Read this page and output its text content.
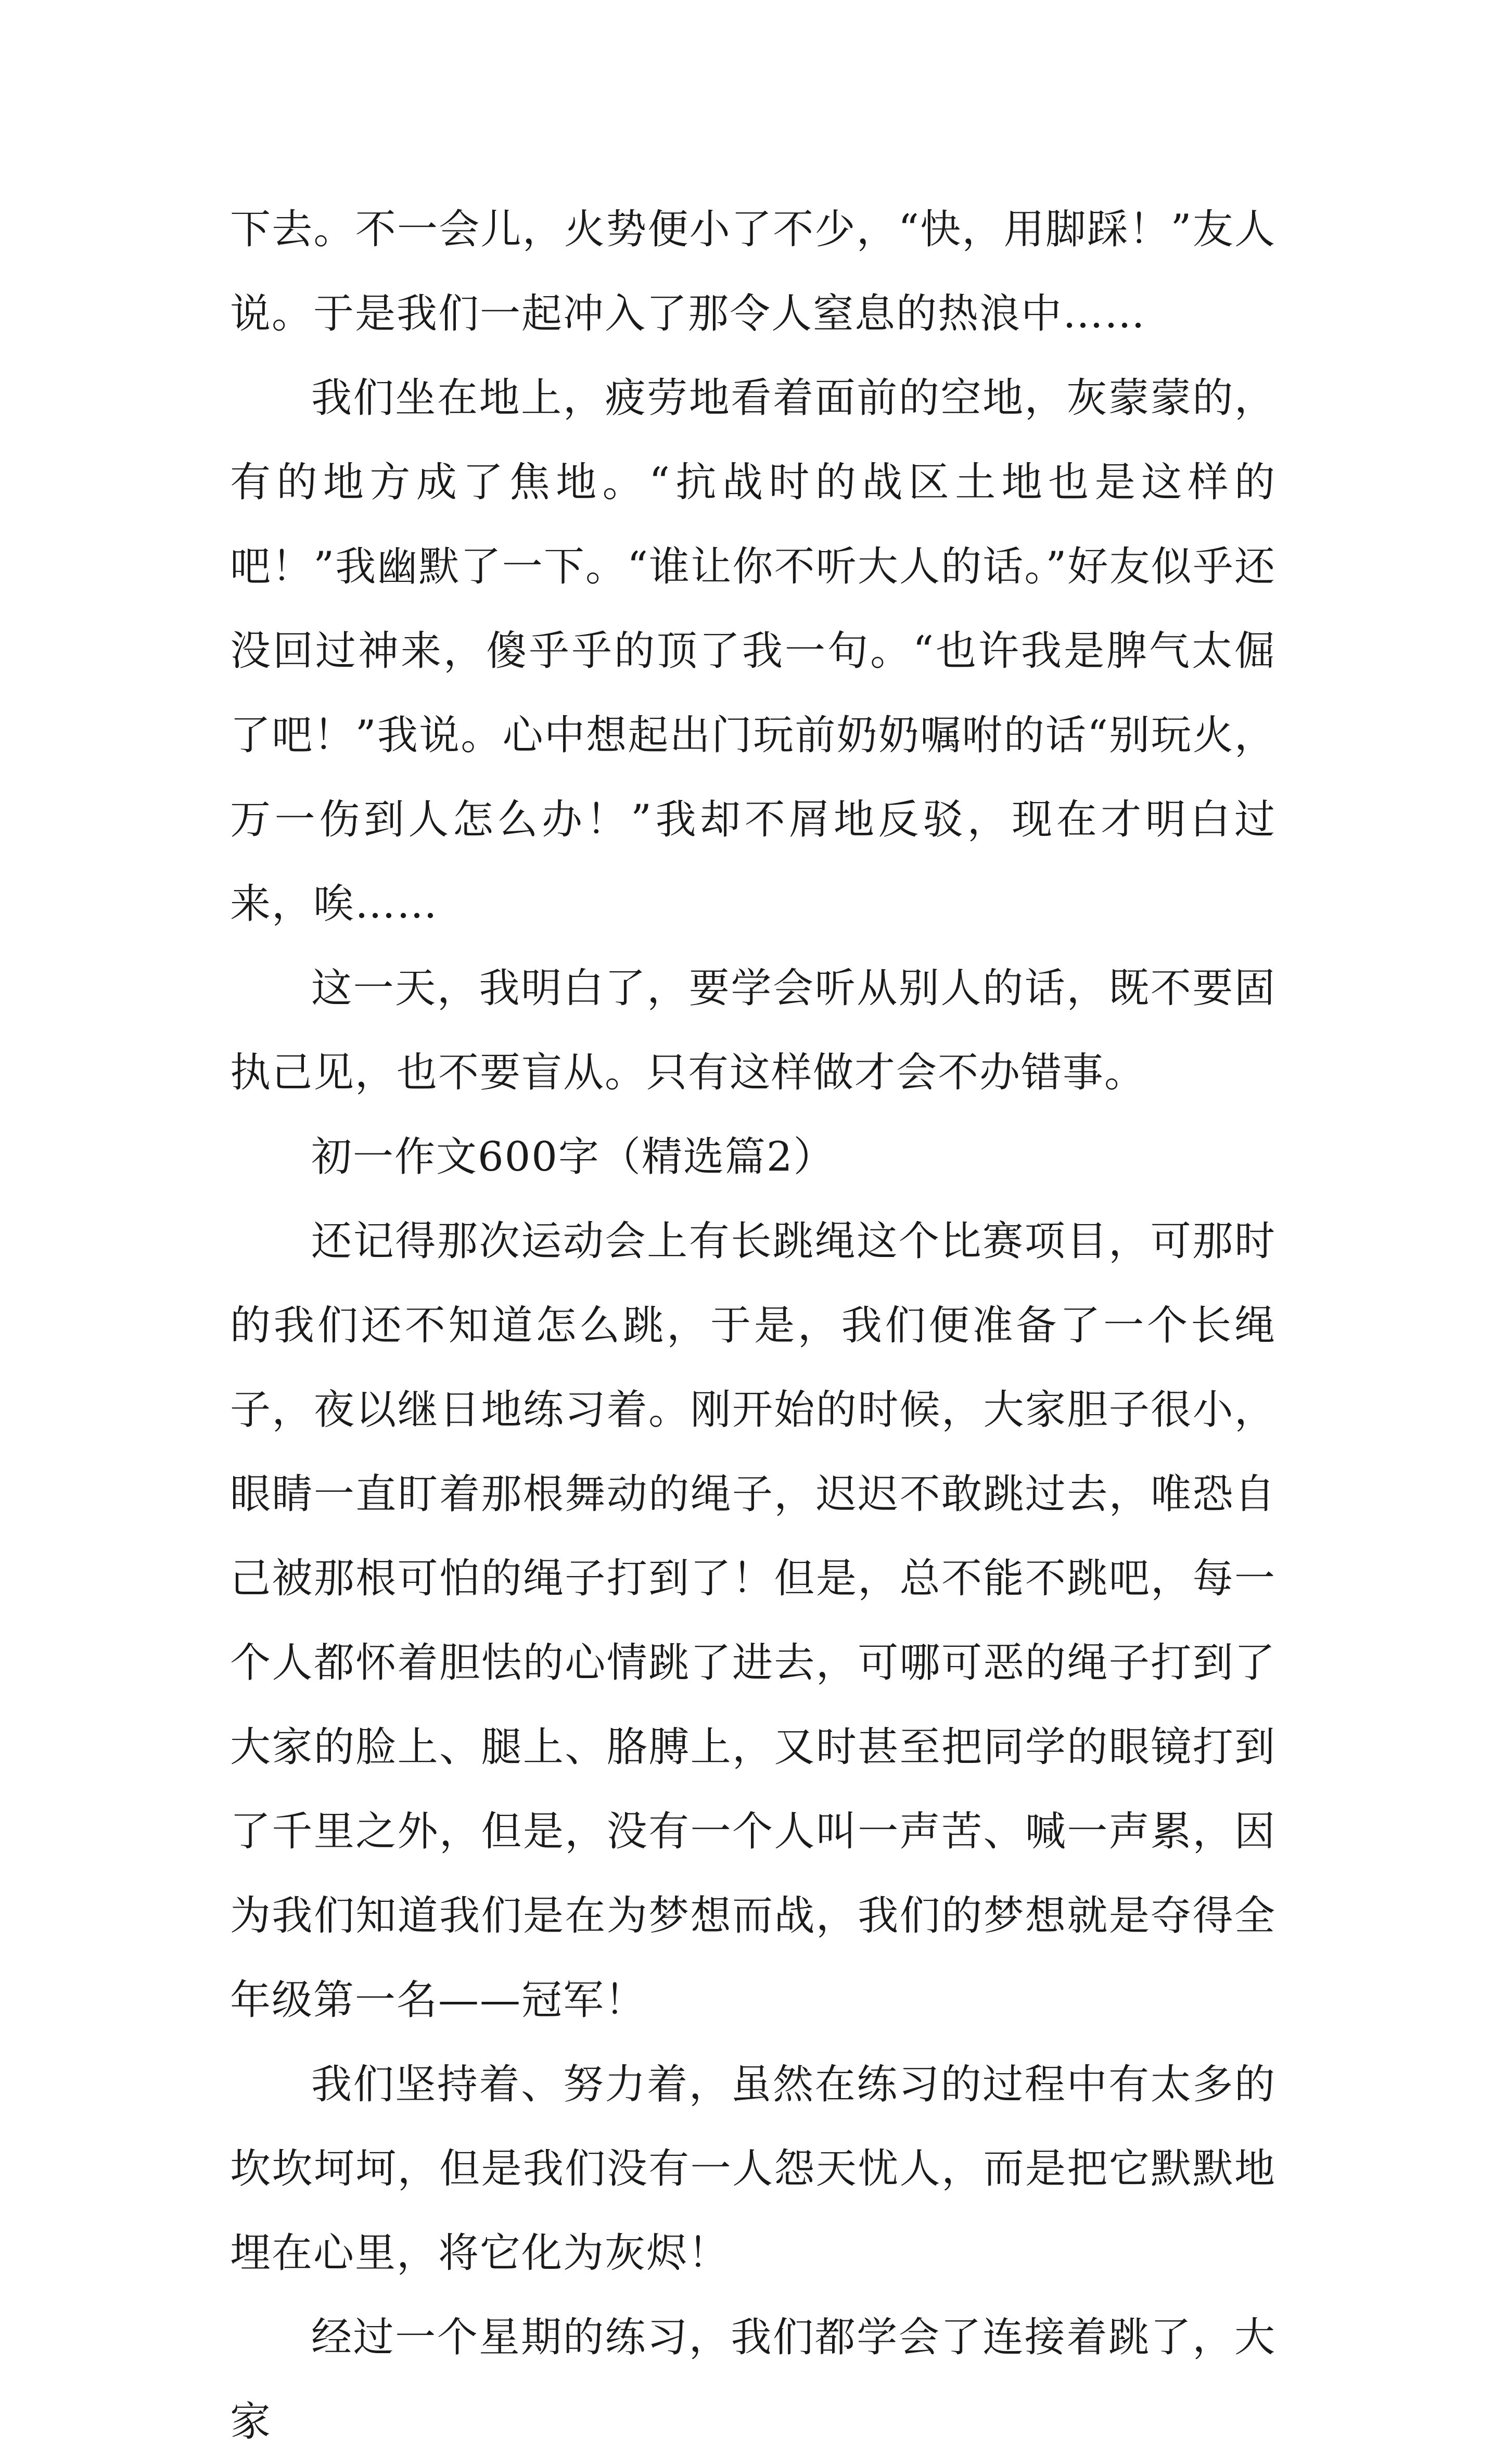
下去。不一会儿，火势便小了不少，“快，用脚踩！”友人说。于是我们一起冲入了那令人窒息的热浪中……

我们坐在地上，疲劳地看着面前的空地，灰蒙蒙的，有的地方成了焦地。“抗战时的战区土地也是这样的吧！”我幽默了一下。“谁让你不听大人的话。”好友似乎还没回过神来，傻乎乎的顶了我一句。“也许我是脾气太倔了吧！”我说。心中想起出门玩前奶奶嘱咐的话“别玩火，万一伤到人怎么办！”我却不屑地反驳，现在才明白过来，唉……

这一天，我明白了，要学会听从别人的话，既不要固执己见，也不要盲从。只有这样做才会不办错事。

初一作文600字（精选篇2）

还记得那次运动会上有长跳绳这个比赛项目，可那时的我们还不知道怎么跳，于是，我们便准备了一个长绳子，夜以继日地练习着。刚开始的时候，大家胆子很小，眼睛一直盯着那根舞动的绳子，迟迟不敢跳过去，唯恐自己被那根可怕的绳子打到了！但是，总不能不跳吧，每一个人都怀着胆怯的心情跳了进去，可哪可恶的绳子打到了大家的脸上、腿上、胳膊上，又时甚至把同学的眼镜打到了千里之外，但是，没有一个人叫一声苦、喊一声累，因为我们知道我们是在为梦想而战，我们的梦想就是夺得全年级第一名——冠军！

我们坚持着、努力着，虽然在练习的过程中有太多的坎坎坷坷，但是我们没有一人怨天忧人，而是把它默默地埋在心里，将它化为灰烬！

经过一个星期的练习，我们都学会了连接着跳了，大家
